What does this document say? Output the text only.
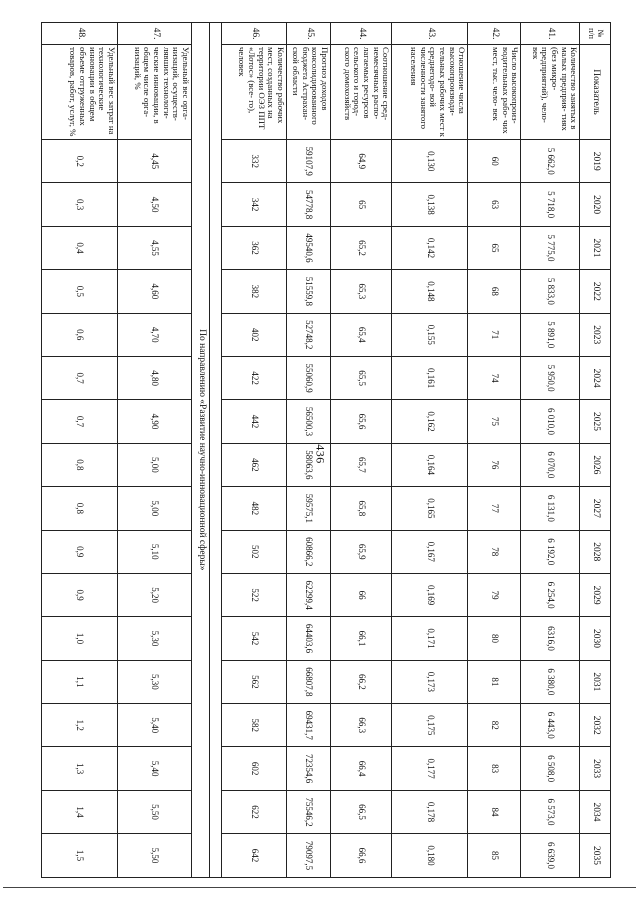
436
№
п/п	Показатель	2019	2020	2021	2022	2023	2024	2025	2026	2027	2028	2029	2030	2031	2032	2033	2034	2035
41.	Количество занятых в малых предприя- тиях (без микро- предприятий), чело- век	5 662,0	5 718,0	5 775,0	5 833,0	5 891,0	5 950,0	6 010,0	6 070,0	6 131,0	6 192,0	6 254,0	6316,0	6 380,0	6 443,0	6 508,0	6 573,0	6 639,0
42.	Число высокопроиз- водительных рабо- чих мест, тыс. чело- век	60	63	65	68	71	74	75	76	77	78	79	80	81	82	83	84	85
43.	Отношение числа высокопроизводи- тельных рабочих мест к среднегодо- вой численности занятого населения	0,130	0,138	0,142	0,148	0,155	0,161	0,162	0,164	0,165	0,167	0,169	0,171	0,173	0,175	0,177	0,178	0,180
44.	Соотношение сред- немесячных распо- лагаемых ресурсов сельского и город- ского домохозяйств	64,9	65	65,2	65,3	65,4	65,5	65,6	65,7	65,8	65,9	66	66,1	66,2	66,3	66,4	66,5	66,6
45.	Прогноз доходов консолидированного бюджета Астрахан- ской области	59107,9	54778,8	49540,6	51559,8	52748,2	55060,9	56500,3	58063,6	59575,1	60866,2	62299,4	64403,6	66807,8	69431,7	72354,6	75546,2	79097,5
46.	Количество рабочих мест, созданных на территории ОЭЗ ППТ «Лотос» (всe- го), человек	332	342	362	382	402	422	442	462	482	502	522	542	562	582	602	622	642

По направлению «Развитие научно-инновационной сферы»																		
47.	Удельный вес орга- низаций, осуществ- лявших технологи- ческие инновации, в общем числе орга- низаций, %	4,45	4,50	4,55	4,60	4,70	4,80	4,90	5,00	5,00	5,10	5,20	5,30	5,30	5,40	5,40	5,50	5,50
48.	Удельный вес затрат на технологические инновации в общем объеме отгруженных товаров, работ, услуг, %	0,2	0,3	0,4	0,5	0,6	0,7	0,7	0,8	0,8	0,9	0,9	1,0	1,1	1,2	1,3	1,4	1,5
